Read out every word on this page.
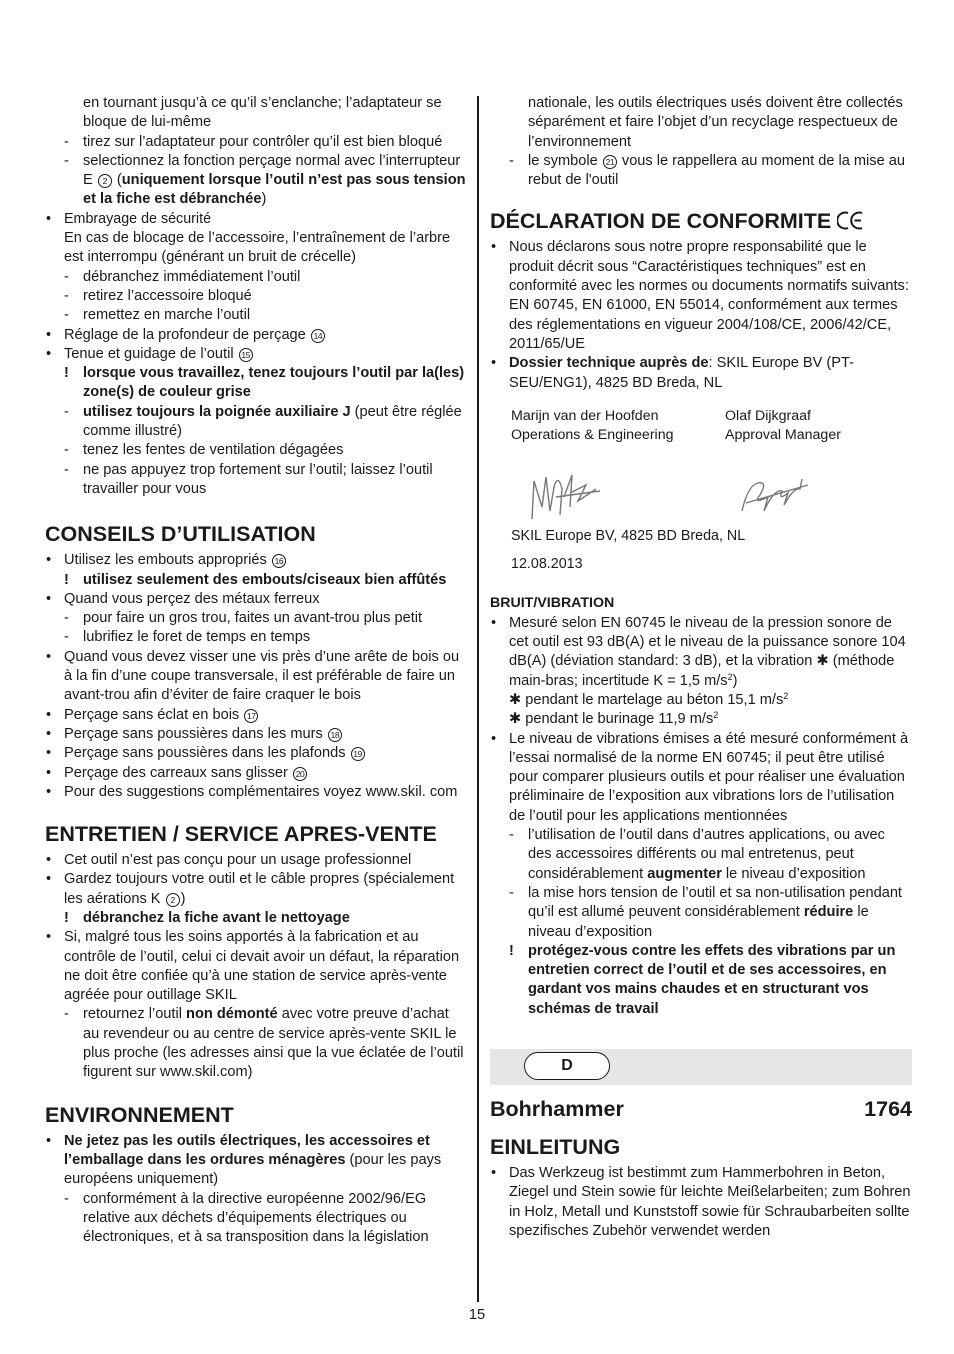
en tournant jusqu’à ce qu’il s’enclanche; l’adaptateur se bloque de lui-même
- tirez sur l’adaptateur pour contrôler qu’il est bien bloqué
- selectionnez la fonction perçage normal avec l’interrupteur E 2 (uniquement lorsque l’outil n’est pas sous tension et la fiche est débranchée)
• Embrayage de sécurité
En cas de blocage de l’accessoire, l’entraînement de l’arbre est interrompu (générant un bruit de crécelle)
- débranchez immédiatement l’outil
- retirez l’accessoire bloqué
- remettez en marche l’outil
• Réglage de la profondeur de perçage 14
• Tenue et guidage de l’outil 15
! lorsque vous travaillez, tenez toujours l’outil par la(les) zone(s) de couleur grise
- utilisez toujours la poignée auxiliaire J (peut être réglée comme illustré)
- tenez les fentes de ventilation dégagées
- ne pas appuyez trop fortement sur l’outil; laissez l’outil travailler pour vous
CONSEILS D’UTILISATION
• Utilisez les embouts appropriés 16
! utilisez seulement des embouts/ciseaux bien affûtés
• Quand vous perçez des métaux ferreux
- pour faire un gros trou, faites un avant-trou plus petit
- lubrifiez le foret de temps en temps
• Quand vous devez visser une vis près d’une arête de bois ou à la fin d’une coupe transversale, il est préférable de faire un avant-trou afin d’éviter de faire craquer le bois
• Perçage sans éclat en bois 17
• Perçage sans poussières dans les murs 18
• Perçage sans poussières dans les plafonds 19
• Perçage des carreaux sans glisser 20
• Pour des suggestions complémentaires voyez www.skil. com
ENTRETIEN / SERVICE APRES-VENTE
• Cet outil n’est pas conçu pour un usage professionnel
• Gardez toujours votre outil et le câble propres (spécialement les aérations K 2 )
! débranchez la fiche avant le nettoyage
• Si, malgré tous les soins apportés à la fabrication et au contrôle de l’outil, celui ci devait avoir un défaut, la réparation ne doit être confiée qu’à une station de service après-vente agréée pour outillage SKIL
- retournez l’outil non démonté avec votre preuve d’achat au revendeur ou au centre de service après-vente SKIL le plus proche (les adresses ainsi que la vue éclatée de l’outil figurent sur www.skil.com)
ENVIRONNEMENT
• Ne jetez pas les outils électriques, les accessoires et l’emballage dans les ordures ménagères (pour les pays européens uniquement)
- conformément à la directive européenne 2002/96/EG relative aux déchets d’équipements électriques ou électroniques, et à sa transposition dans la législation
nationale, les outils électriques usés doivent être collectés séparément et faire l’objet d’un recyclage respectueux de l’environnement
- le symbole 21 vous le rappellera au moment de la mise au rebut de l'outil
DÉCLARATION DE CONFORMITE
• Nous déclarons sous notre propre responsabilité que le produit décrit sous “Caractéristiques techniques” est en conformité avec les normes ou documents normatifs suivants: EN 60745, EN 61000, EN 55014, conformément aux termes des réglementations en vigueur 2004/108/CE, 2006/42/CE, 2011/65/UE
• Dossier technique auprès de: SKIL Europe BV (PT-SEU/ENG1), 4825 BD Breda, NL
Marijn van der Hoofden
Operations & Engineering
Olaf Dijkgraaf
Approval Manager
SKIL Europe BV, 4825 BD Breda, NL
12.08.2013
BRUIT/VIBRATION
• Mesuré selon EN 60745 le niveau de la pression sonore de cet outil est 93 dB(A) et le niveau de la puissance sonore 104 dB(A) (déviation standard: 3 dB), et la vibration ✱ (méthode main-bras; incertitude K = 1,5 $m/s^2$)
✱ pendant le martelage au béton 15,1 $m/s^2$
✱ pendant le burinage 11,9 $m/s^2$
• Le niveau de vibrations émises a été mesuré conformément à l’essai normalisé de la norme EN 60745; il peut être utilisé pour comparer plusieurs outils et pour réaliser une évaluation préliminaire de l’exposition aux vibrations lors de l’utilisation de l’outil pour les applications mentionnées
- l’utilisation de l’outil dans d’autres applications, ou avec des accessoires différents ou mal entretenus, peut considérablement augmenter le niveau d’exposition
- la mise hors tension de l’outil et sa non-utilisation pendant qu’il est allumé peuvent considérablement réduire le niveau d’exposition
! protégez-vous contre les effets des vibrations par un entretien correct de l’outil et de ses accessoires, en gardant vos mains chaudes et en structurant vos schémas de travail
D
Bohrhammer	1764
EINLEITUNG
• Das Werkzeug ist bestimmt zum Hammerbohren in Beton, Ziegel und Stein sowie für leichte Meißelarbeiten; zum Bohren in Holz, Metall und Kunststoff sowie für Schraubarbeiten sollte spezifisches Zubehör verwendet werden
15
